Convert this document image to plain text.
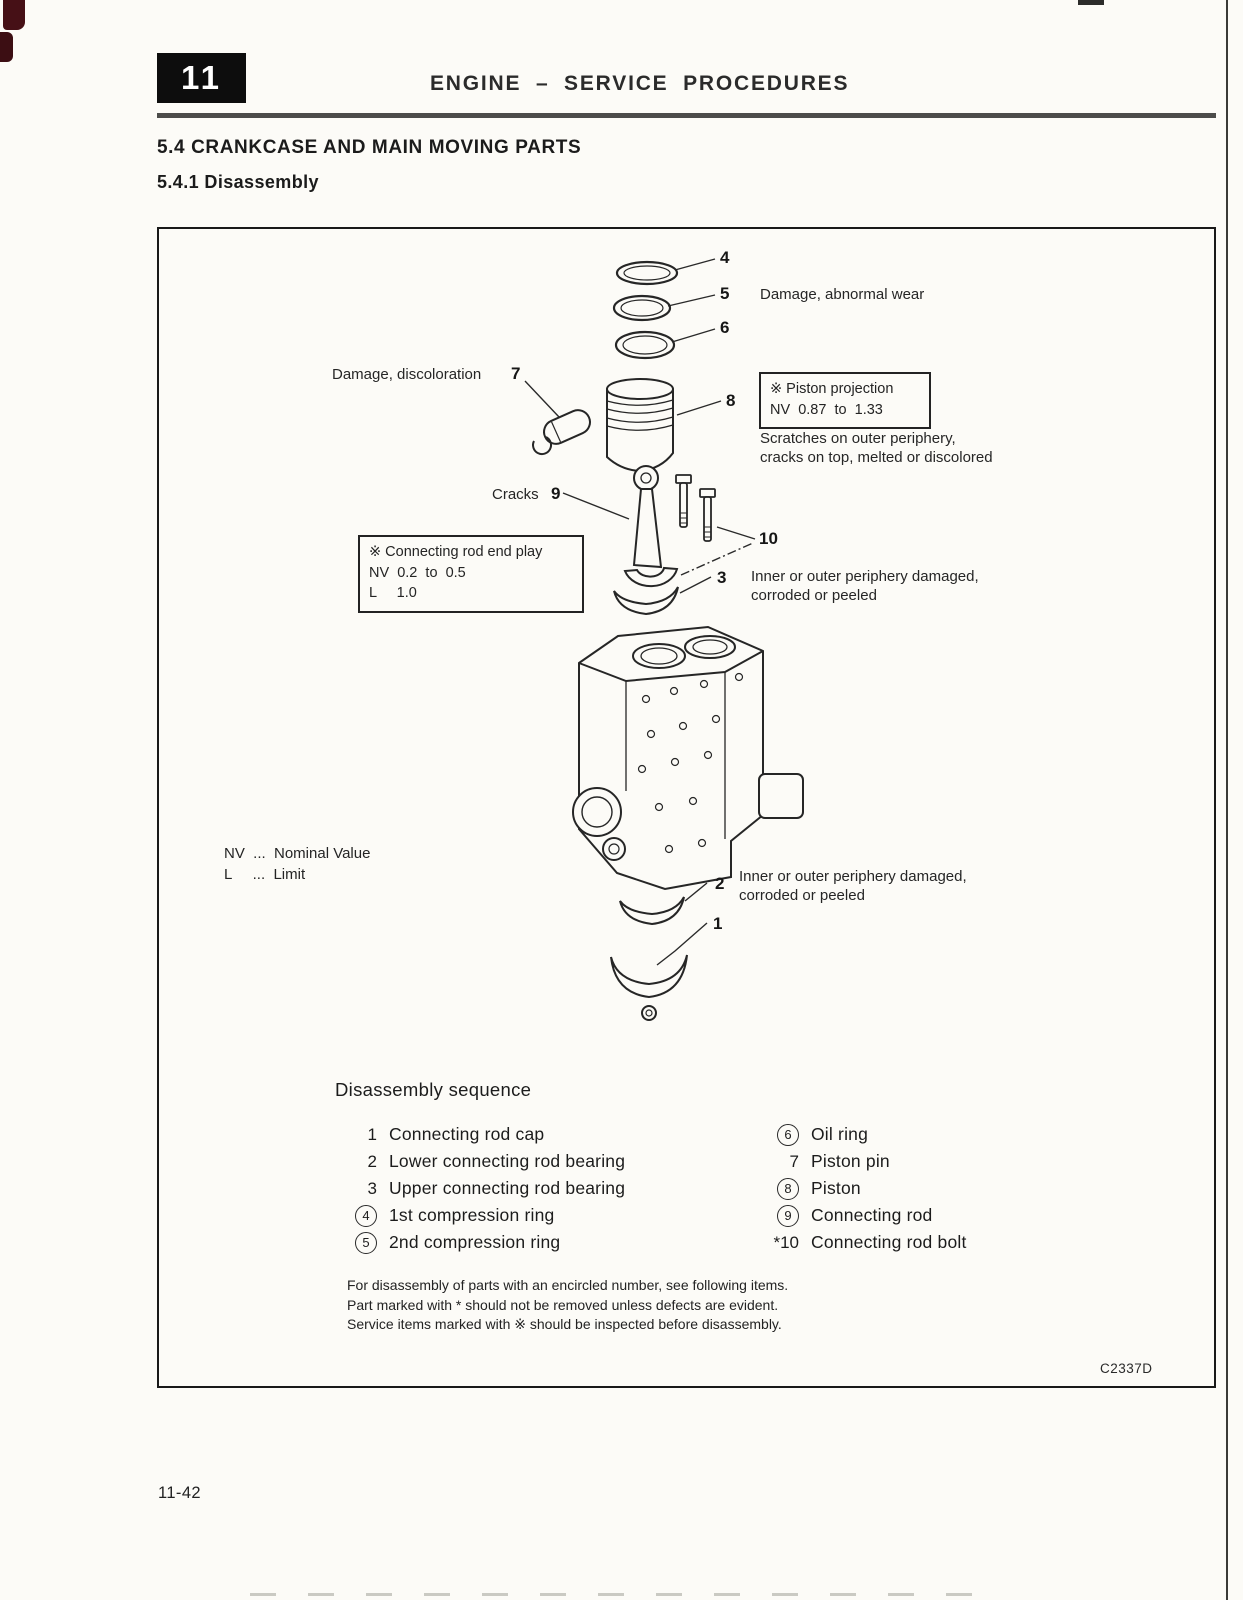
11	ENGINE – SERVICE PROCEDURES
5.4 CRANKCASE AND MAIN MOVING PARTS
5.4.1 Disassembly
4
5
6
7
8
9
10
3
2
1
Damage, abnormal wear
Damage, discoloration
Scratches on outer periphery, cracks on top, melted or discolored
Cracks
Inner or outer periphery damaged, corroded or peeled
Inner or outer periphery damaged, corroded or peeled
※ Piston projection
NV  0.87  to  1.33
※ Connecting rod end play
NV  0.2  to  0.5
L     1.0
NV  ...  Nominal Value
L     ...  Limit
Disassembly sequence
1 Connecting rod cap
2 Lower connecting rod bearing
3 Upper connecting rod bearing
4	1st compression ring
5	2nd compression ring
6	Oil ring
7 Piston pin
8	Piston
9	Connecting rod
*10 Connecting rod bolt

For disassembly of parts with an encircled number, see following items.

Part marked with * should not be removed unless defects are evident.

Service items marked with ※ should be inspected before disassembly.

C2337D
11-42
